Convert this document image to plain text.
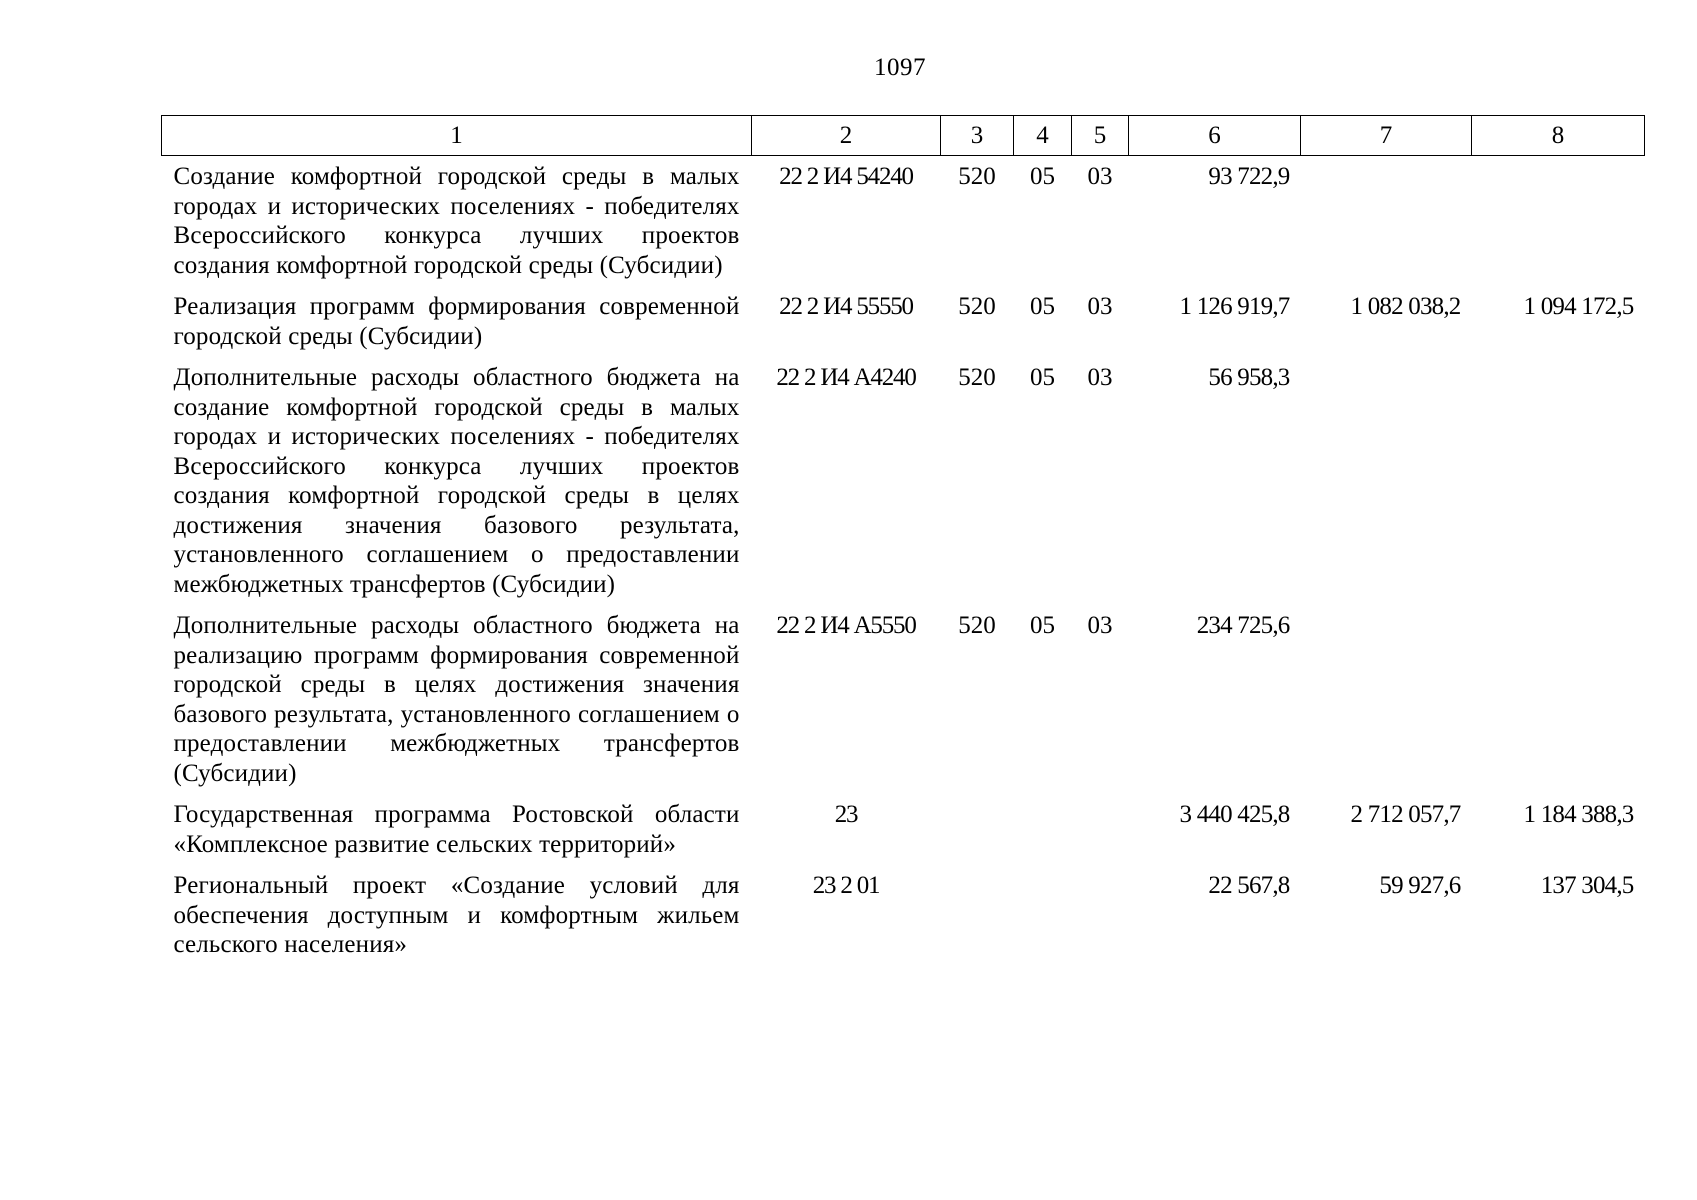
1097
1	2	3	4	5	6	7	8

Создание комфортной городской среды в малых городах и исторических поселениях - победителях Всероссийского конкурса лучших проектов создания комфортной городской среды (Субсидии)	22 2 И4 54240	520	05	03	93 722,9		

Реализация программ формирования современной городской среды (Субсидии)	22 2 И4 55550	520	05	03	1 126 919,7	1 082 038,2	1 094 172,5

Дополнительные расходы областного бюджета на создание комфортной городской среды в малых городах и исторических поселениях - победителях Всероссийского конкурса лучших проектов создания комфортной городской среды в целях достижения значения базового результата, установленного соглашением о предоставлении межбюджетных трансфертов (Субсидии)	22 2 И4 А4240	520	05	03	56 958,3		

Дополнительные расходы областного бюджета на реализацию программ формирования современной городской среды в целях достижения значения базового результата, установленного соглашением о предоставлении межбюджетных трансфертов (Субсидии)	22 2 И4 А5550	520	05	03	234 725,6		

Государственная программа Ростовской области «Комплексное развитие сельских территорий»	23				3 440 425,8	2 712 057,7	1 184 388,3

Региональный проект «Создание условий для обеспечения доступным и комфортным жильем сельского населения»	23 2 01				22 567,8	59 927,6	137 304,5
